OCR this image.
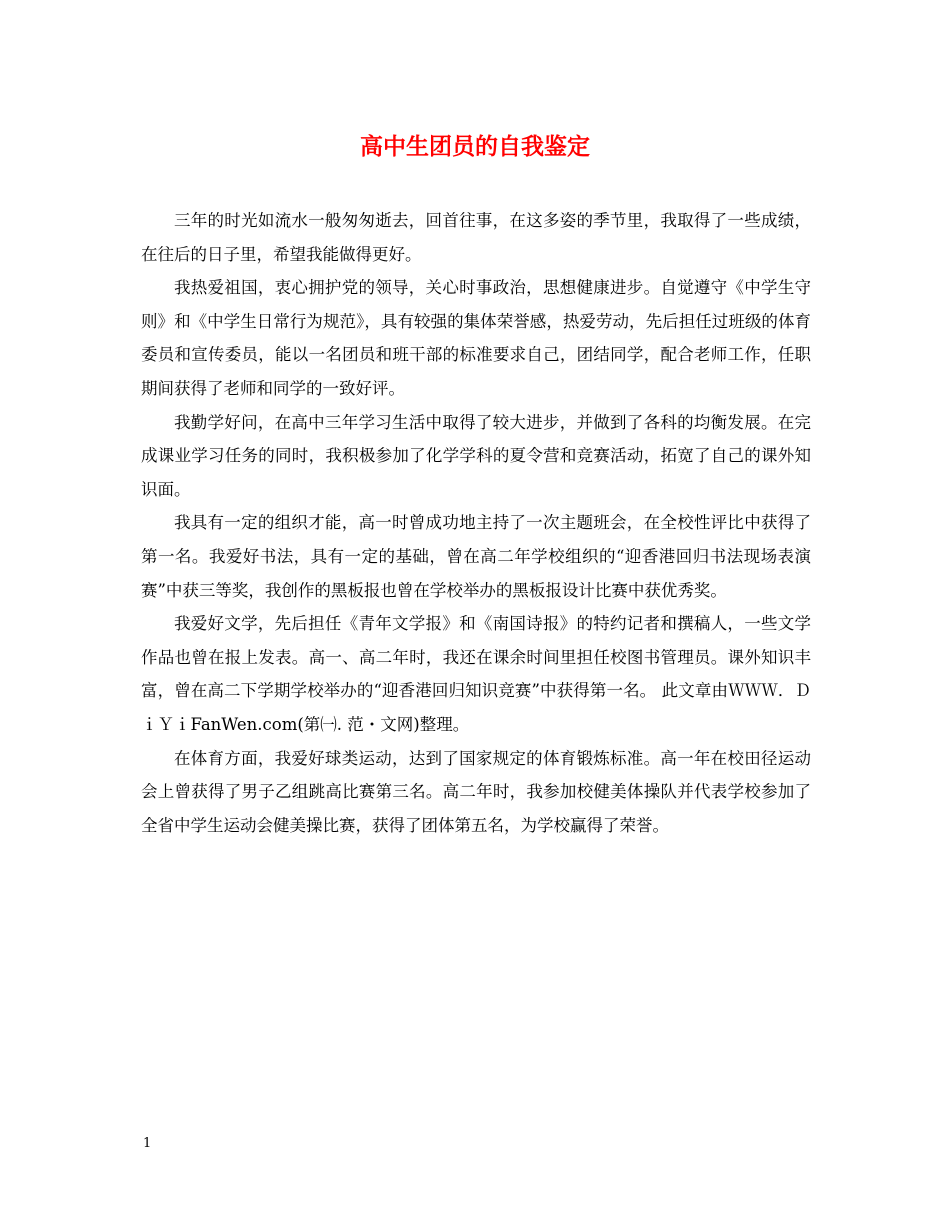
高中生团员的自我鉴定

三年的时光如流水一般匆匆逝去，回首往事，在这多姿的季节里，我取得了一些成绩，在往后的日子里，希望我能做得更好。

我热爱祖国，衷心拥护党的领导，关心时事政治，思想健康进步。自觉遵守《中学生守则》和《中学生日常行为规范》，具有较强的集体荣誉感，热爱劳动，先后担任过班级的体育委员和宣传委员，能以一名团员和班干部的标准要求自己，团结同学，配合老师工作，任职期间获得了老师和同学的一致好评。

我勤学好问，在高中三年学习生活中取得了较大进步，并做到了各科的均衡发展。在完成课业学习任务的同时，我积极参加了化学学科的夏令营和竞赛活动，拓宽了自己的课外知识面。

我具有一定的组织才能，高一时曾成功地主持了一次主题班会，在全校性评比中获得了第一名。我爱好书法，具有一定的基础，曾在高二年学校组织的“迎香港回归书法现场表演赛”中获三等奖，我创作的黑板报也曾在学校举办的黑板报设计比赛中获优秀奖。

我爱好文学，先后担任《青年文学报》和《南国诗报》的特约记者和撰稿人，一些文学作品也曾在报上发表。高一、高二年时，我还在课余时间里担任校图书管理员。课外知识丰富，曾在高二下学期学校举办的“迎香港回归知识竞赛”中获得第一名。 此文章由ＷＷＷ．ＤｉＹｉFanWen.com(第㈠. 范・文网)整理。

在体育方面，我爱好球类运动，达到了国家规定的体育锻炼标准。高一年在校田径运动会上曾获得了男子乙组跳高比赛第三名。高二年时，我参加校健美体操队并代表学校参加了全省中学生运动会健美操比赛，获得了团体第五名，为学校赢得了荣誉。

1
